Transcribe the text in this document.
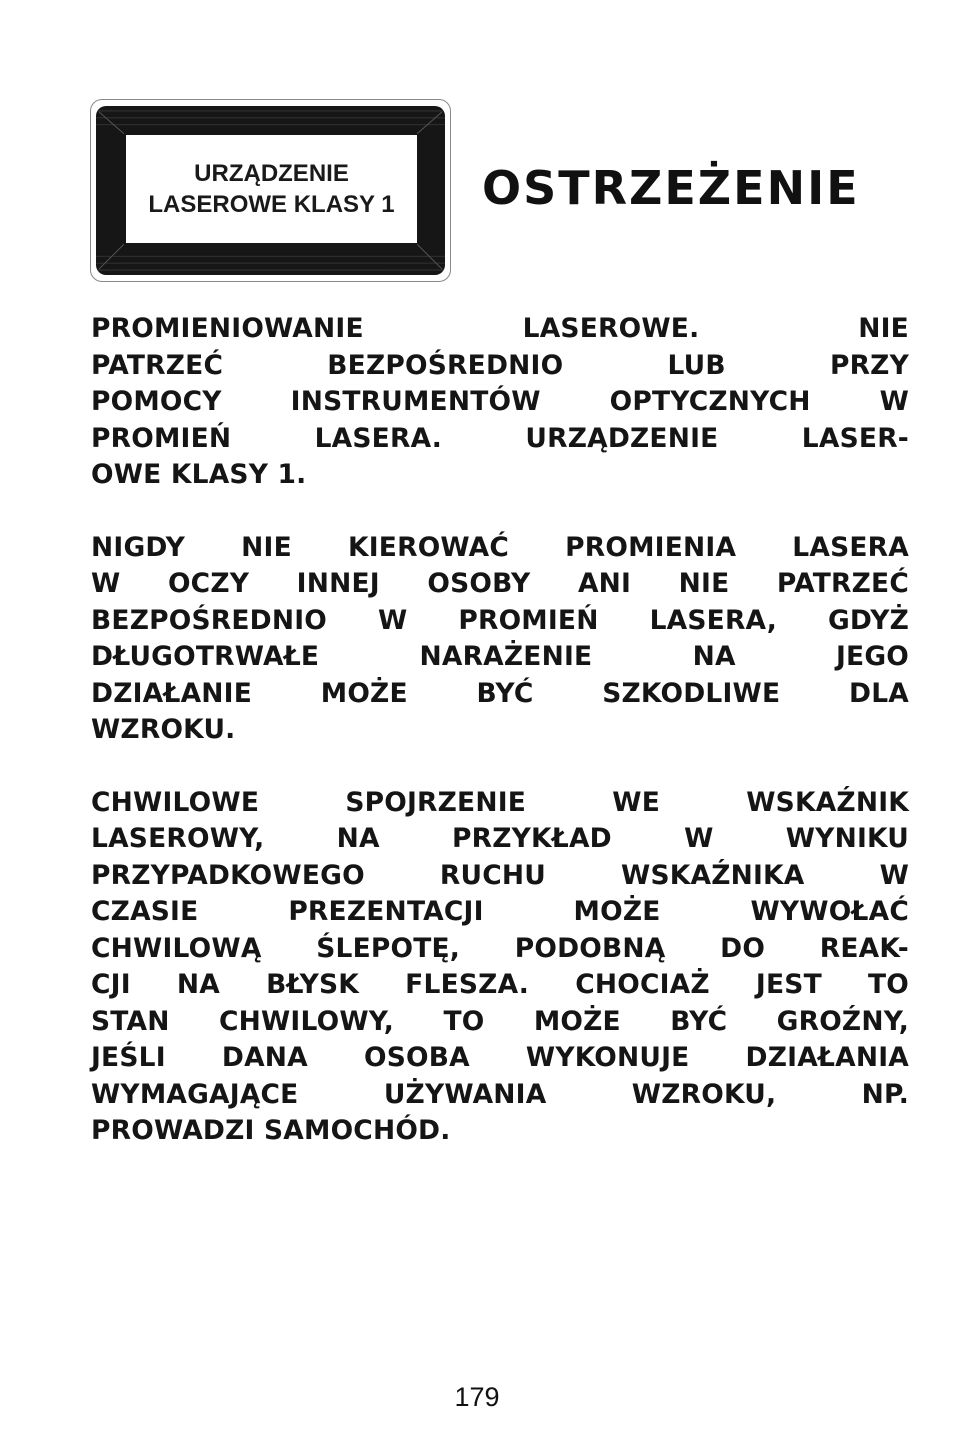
URZĄDZENIE
LASEROWE KLASY 1 OSTRZEŻENIE

PROMIENIOWANIE LASEROWE. NIE
PATRZEĆ BEZPOŚREDNIO LUB PRZY
POMOCY INSTRUMENTÓW OPTYCZNYCH W
PROMIEŃ LASERA. URZĄDZENIE LASER-
OWE KLASY 1.

NIGDY NIE KIEROWAĆ PROMIENIA LASERA
W OCZY INNEJ OSOBY ANI NIE PATRZEĆ
BEZPOŚREDNIO W PROMIEŃ LASERA, GDYŻ
DŁUGOTRWAŁE NARAŻENIE NA JEGO
DZIAŁANIE MOŻE BYĆ SZKODLIWE DLA
WZROKU.

CHWILOWE SPOJRZENIE WE WSKAŹNIK
LASEROWY, NA PRZYKŁAD W WYNIKU
PRZYPADKOWEGO RUCHU WSKAŹNIKA W
CZASIE PREZENTACJI MOŻE WYWOŁAĆ
CHWILOWĄ ŚLEPOTĘ, PODOBNĄ DO REAK-
CJI NA BŁYSK FLESZA. CHOCIAŻ JEST TO
STAN CHWILOWY, TO MOŻE BYĆ GROŹNY,
JEŚLI DANA OSOBA WYKONUJE DZIAŁANIA
WYMAGAJĄCE UŻYWANIA WZROKU, NP.
PROWADZI SAMOCHÓD.

179
